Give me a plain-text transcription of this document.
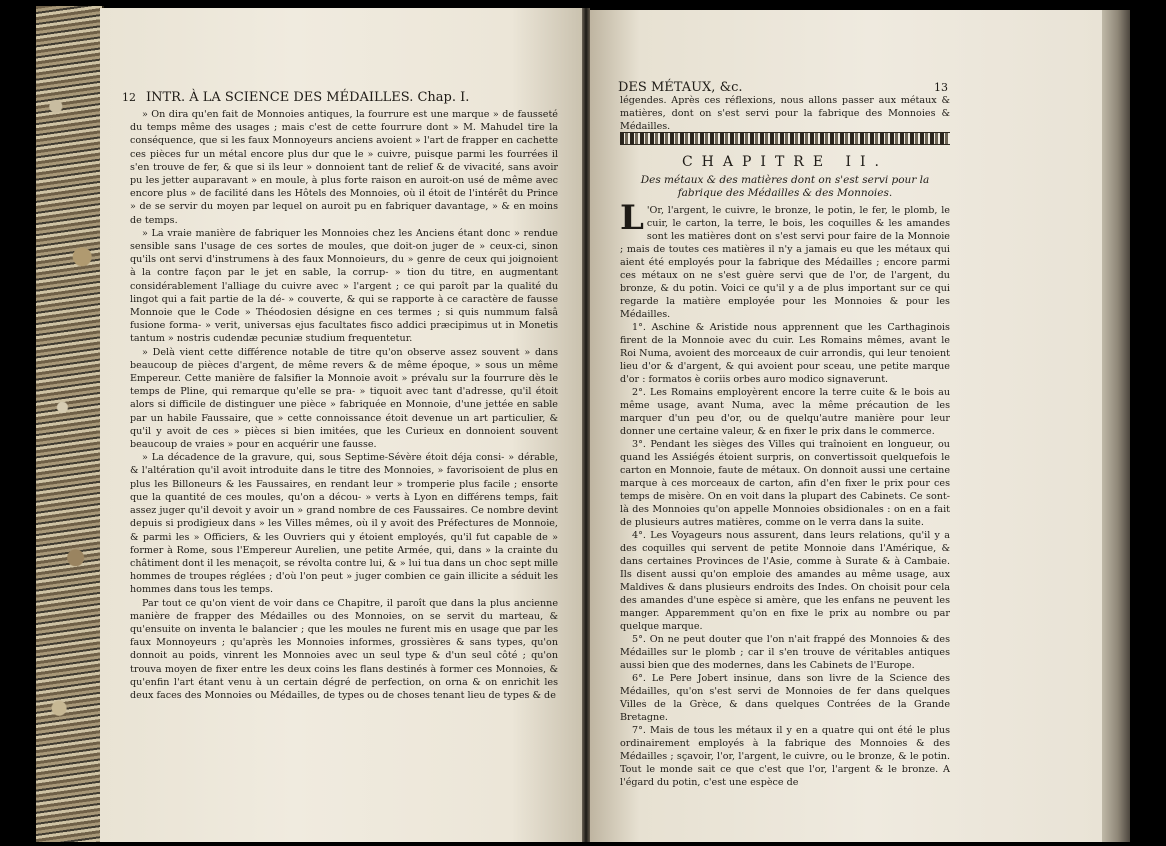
12 INTR. À LA SCIENCE DES MÉDAILLES. Chap. I.

» On dira qu'en fait de Monnoies antiques, la fourrure est une marque » de fausseté du temps même des usages ; mais c'est de cette fourrure dont » M. Mahudel tire la conséquence, que si les faux Monnoyeurs anciens avoient » l'art de frapper en cachette ces pièces fur un métal encore plus dur que le » cuivre, puisque parmi les fourrées il s'en trouve de fer, & que si ils leur » donnoient tant de relief & de vivacité, sans avoir pu les jetter auparavant » en moule, à plus forte raison en auroit-on usé de même avec encore plus » de facilité dans les Hôtels des Monnoies, où il étoit de l'intérêt du Prince » de se servir du moyen par lequel on auroit pu en fabriquer davantage, » & en moins de temps.

» La vraie manière de fabriquer les Monnoies chez les Anciens étant donc » rendue sensible sans l'usage de ces sortes de moules, que doit-on juger de » ceux-ci, sinon qu'ils ont servi d'instrumens à des faux Monnoieurs, du » genre de ceux qui joignoient à la contre façon par le jet en sable, la corrup- » tion du titre, en augmentant considérablement l'alliage du cuivre avec » l'argent ; ce qui paroît par la qualité du lingot qui a fait partie de la dé- » couverte, & qui se rapporte à ce caractère de fausse Monnoie que le Code » Théodosien désigne en ces termes ; si quis nummum falsâ fusione forma- » verit, universas ejus facultates fisco addici præcipimus ut in Monetis tantum » nostris cudendæ pecuniæ studium frequentetur.

» Delà vient cette différence notable de titre qu'on observe assez souvent » dans beaucoup de pièces d'argent, de même revers & de même époque, » sous un même Empereur. Cette manière de falsifier la Monnoie avoit » prévalu sur la fourrure dès le temps de Pline, qui remarque qu'elle se pra- » tiquoit avec tant d'adresse, qu'il étoit alors si difficile de distinguer une pièce » fabriquée en Monnoie, d'une jettée en sable par un habile Faussaire, que » cette connoissance étoit devenue un art particulier, & qu'il y avoit de ces » pièces si bien imitées, que les Curieux en donnoient souvent beaucoup de vraies » pour en acquérir une fausse.

» La décadence de la gravure, qui, sous Septime-Sévère étoit déja consi- » dérable, & l'altération qu'il avoit introduite dans le titre des Monnoies, » favorisoient de plus en plus les Billoneurs & les Faussaires, en rendant leur » tromperie plus facile ; ensorte que la quantité de ces moules, qu'on a décou- » verts à Lyon en différens temps, fait assez juger qu'il devoit y avoir un » grand nombre de ces Faussaires. Ce nombre devint depuis si prodigieux dans » les Villes mêmes, où il y avoit des Préfectures de Monnoie, & parmi les » Officiers, & les Ouvriers qui y étoient employés, qu'il fut capable de » former à Rome, sous l'Empereur Aurelien, une petite Armée, qui, dans » la crainte du châtiment dont il les menaçoit, se révolta contre lui, & » lui tua dans un choc sept mille hommes de troupes réglées ; d'où l'on peut » juger combien ce gain illicite a séduit les hommes dans tous les temps.

Par tout ce qu'on vient de voir dans ce Chapitre, il paroît que dans la plus ancienne manière de frapper des Médailles ou des Monnoies, on se servit du marteau, & qu'ensuite on inventa le balancier ; que les moules ne furent mis en usage que par les faux Monnoyeurs ; qu'après les Monnoies informes, grossières & sans types, qu'on donnoit au poids, vinrent les Monnoies avec un seul type & d'un seul côté ; qu'on trouva moyen de fixer entre les deux coins les flans destinés à former ces Monnoies, & qu'enfin l'art étant venu à un certain dégré de perfection, on orna & on enrichit les deux faces des Monnoies ou Médailles, de types ou de choses tenant lieu de types & de

DES MÉTAUX, &c.	13
légendes. Après ces réflexions, nous allons passer aux métaux & matières, dont on s'est servi pour la fabrique des Monnoies & Médailles.
CHAPITRE II.
Des métaux & des matières dont on s'est servi pour la fabrique des Médailles & des Monnoies.

L 'Or, l'argent, le cuivre, le bronze, le potin, le fer, le plomb, le cuir, le carton, la terre, le bois, les coquilles & les amandes sont les matières dont on s'est servi pour faire de la Monnoie ; mais de toutes ces matières il n'y a jamais eu que les métaux qui aient été employés pour la fabrique des Médailles ; encore parmi ces métaux on ne s'est guère servi que de l'or, de l'argent, du bronze, & du potin. Voici ce qu'il y a de plus important sur ce qui regarde la matière employée pour les Monnoies & pour les Médailles.

1°. Aschine & Aristide nous apprennent que les Carthaginois firent de la Monnoie avec du cuir. Les Romains mêmes, avant le Roi Numa, avoient des morceaux de cuir arrondis, qui leur tenoient lieu d'or & d'argent, & qui avoient pour sceau, une petite marque d'or : formatos è coriis orbes auro modico signaverunt.

2°. Les Romains employèrent encore la terre cuite & le bois au même usage, avant Numa, avec la même précaution de les marquer d'un peu d'or, ou de quelqu'autre manière pour leur donner une certaine valeur, & en fixer le prix dans le commerce.

3°. Pendant les sièges des Villes qui traînoient en longueur, ou quand les Assiégés étoient surpris, on convertissoit quelquefois le carton en Monnoie, faute de métaux. On donnoit aussi une certaine marque à ces morceaux de carton, afin d'en fixer le prix pour ces temps de misère. On en voit dans la plupart des Cabinets. Ce sont-là des Monnoies qu'on appelle Monnoies obsidionales : on en a fait de plusieurs autres matières, comme on le verra dans la suite.

4°. Les Voyageurs nous assurent, dans leurs relations, qu'il y a des coquilles qui servent de petite Monnoie dans l'Amérique, & dans certaines Provinces de l'Asie, comme à Surate & à Cambaie. Ils disent aussi qu'on emploie des amandes au même usage, aux Maldives & dans plusieurs endroits des Indes. On choisit pour cela des amandes d'une espèce si amère, que les enfans ne peuvent les manger. Apparemment qu'on en fixe le prix au nombre ou par quelque marque.

5°. On ne peut douter que l'on n'ait frappé des Monnoies & des Médailles sur le plomb ; car il s'en trouve de véritables antiques aussi bien que des modernes, dans les Cabinets de l'Europe.

6°. Le Pere Jobert insinue, dans son livre de la Science des Médailles, qu'on s'est servi de Monnoies de fer dans quelques Villes de la Grèce, & dans quelques Contrées de la Grande Bretagne.

7°. Mais de tous les métaux il y en a quatre qui ont été le plus ordinairement employés à la fabrique des Monnoies & des Médailles ; sçavoir, l'or, l'argent, le cuivre, ou le bronze, & le potin. Tout le monde sait ce que c'est que l'or, l'argent & le bronze. A l'égard du potin, c'est une espèce de
